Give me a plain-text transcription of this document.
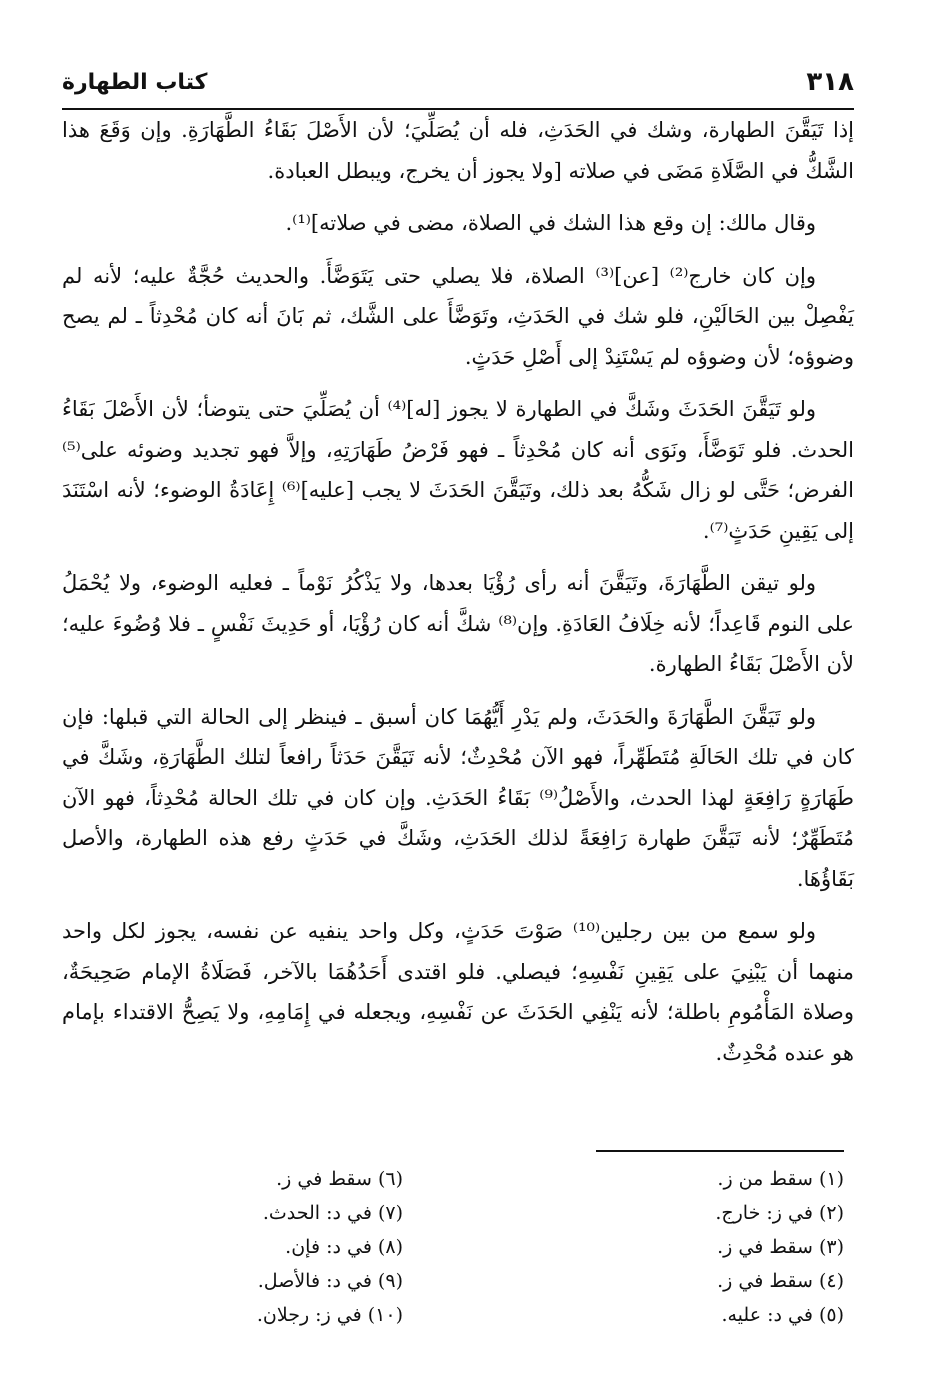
٣١٨
كتاب الطهارة

إذا تَيَقَّنَ الطهارة، وشك في الحَدَثِ، فله أن يُصَلِّيَ؛ لأن الأَصْلَ بَقَاءُ الطَّهَارَةِ. وإن وَقَعَ هذا الشَّكُّ في الصَّلَاةِ مَضَى في صلاته [ولا يجوز أن يخرج، ويبطل العبادة.

وقال مالك: إن وقع هذا الشك في الصلاة، مضى في صلاته]⁽¹⁾.

وإن كان خارج⁽²⁾ [عن]⁽³⁾ الصلاة، فلا يصلي حتى يَتَوَضَّأَ. والحديث حُجَّةٌ عليه؛ لأنه لم يَفْصِلْ بين الحَالَيْنِ، فلو شك في الحَدَثِ، وتَوَضَّأَ على الشَّك، ثم بَانَ أنه كان مُحْدِثاً ـ لم يصح وضوؤه؛ لأن وضوؤه لم يَسْتَنِدْ إلى أَصْلِ حَدَثٍ.

ولو تَيَقَّنَ الحَدَثَ وشَكَّ في الطهارة لا يجوز [له]⁽⁴⁾ أن يُصَلِّيَ حتى يتوضأ؛ لأن الأَصْلَ بَقَاءُ الحدث. فلو تَوَضَّأَ، ونَوَى أنه كان مُحْدِثاً ـ فهو فَرْضُ طَهَارَتِهِ، وإلاَّ فهو تجديد وضوئه على⁽⁵⁾ الفرض؛ حَتَّى لو زال شَكُّهُ بعد ذلك، وتَيَقَّنَ الحَدَثَ لا يجب [عليه]⁽⁶⁾ إِعَادَةُ الوضوء؛ لأنه اسْتَنَدَ إلى يَقِينِ حَدَثٍ⁽⁷⁾.

ولو تيقن الطَّهَارَةَ، وتَيَقَّنَ أنه رأى رُؤْيَا بعدها، ولا يَذْكُرُ نَوْماً ـ فعليه الوضوء، ولا يُحْمَلُ على النوم قَاعِداً؛ لأنه خِلَافُ العَادَةِ. وإن⁽⁸⁾ شكَّ أنه كان رُؤْيَا، أو حَدِيثَ نَفْسٍ ـ فلا وُضُوءَ عليه؛ لأن الأَصْلَ بَقَاءُ الطهارة.

ولو تَيَقَّنَ الطَّهَارَةَ والحَدَثَ، ولم يَدْرِ أَيُّهُمَا كان أسبق ـ فينظر إلى الحالة التي قبلها: فإن كان في تلك الحَالَةِ مُتَطَهِّراً، فهو الآن مُحْدِثٌ؛ لأنه تَيَقَّنَ حَدَثاً رافعاً لتلك الطَّهَارَةِ، وشَكَّ في طَهَارَةٍ رَافِعَةٍ لهذا الحدث، والأَصْلُ⁽⁹⁾ بَقَاءُ الحَدَثِ. وإن كان في تلك الحالة مُحْدِثاً، فهو الآن مُتَطَهِّرٌ؛ لأنه تَيَقَّنَ طهارة رَافِعَةً لذلك الحَدَثِ، وشَكَّ في حَدَثٍ رفع هذه الطهارة، والأصل بَقَاؤُهَا.

ولو سمع من بين رجلين⁽¹⁰⁾ صَوْتَ حَدَثٍ، وكل واحد ينفيه عن نفسه، يجوز لكل واحد منهما أن يَبْنِيَ على يَقِينِ نَفْسِهِ؛ فيصلي. فلو اقتدى أَحَدُهُمَا بالآخر، فَصَلَاةُ الإمام صَحِيحَةٌ، وصلاة المَأْمُومِ باطلة؛ لأنه يَنْفِي الحَدَثَ عن نَفْسِهِ، ويجعله في إِمَامِهِ، ولا يَصِحُّ الاقتداء بإمام هو عنده مُحْدِثٌ.

(١) سقط من ز.
(٢) في ز: خارج.
(٣) سقط في ز.
(٤) سقط في ز.
(٥) في د: عليه.
(٦) سقط في ز.
(٧) في د: الحدث.
(٨) في د: فإن.
(٩) في د: فالأصل.
(١٠) في ز: رجلان.
